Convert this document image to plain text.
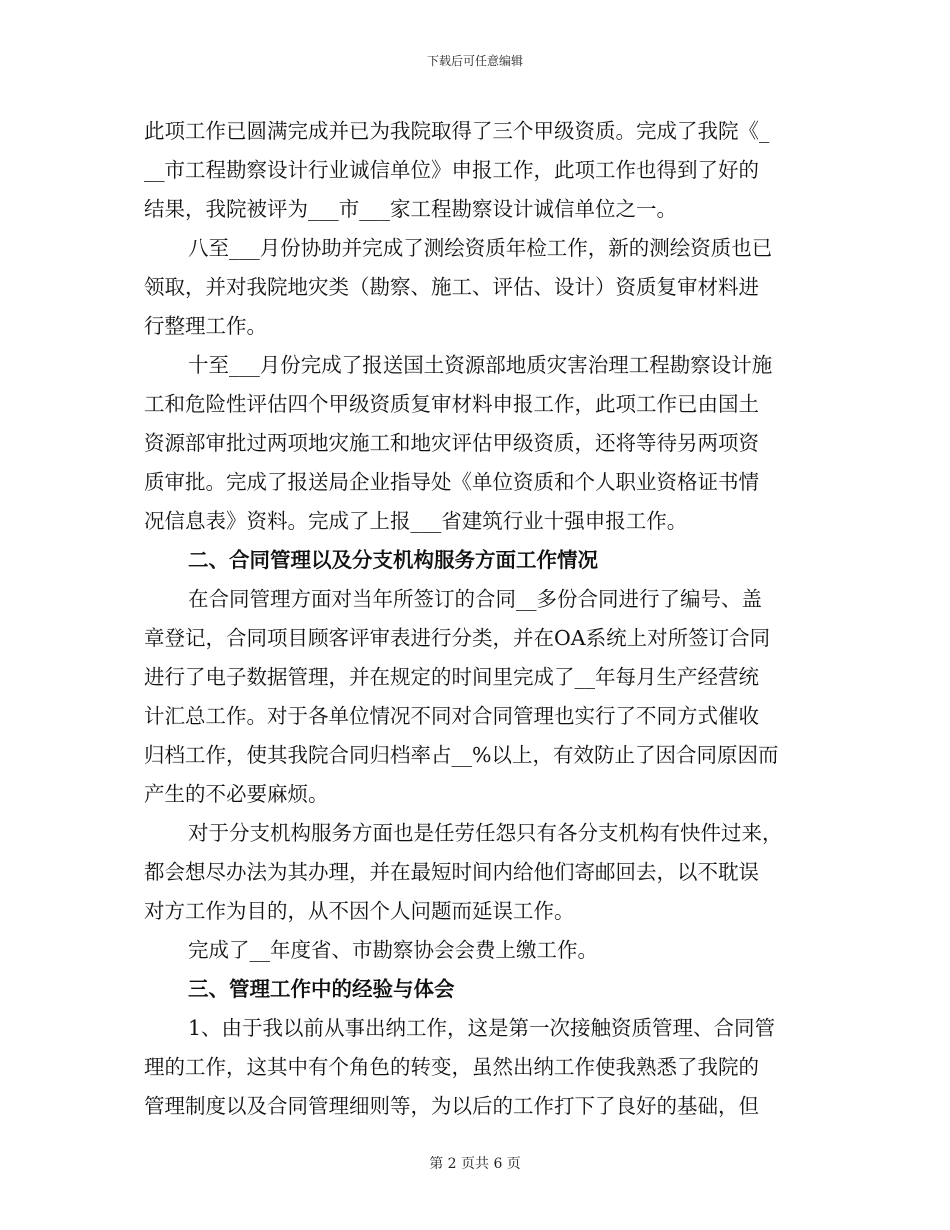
下载后可任意编辑
此项工作已圆满完成并已为我院取得了三个甲级资质。完成了我院《_
__市工程勘察设计行业诚信单位》申报工作，此项工作也得到了好的
结果，我院被评为___市___家工程勘察设计诚信单位之一。
八至___月份协助并完成了测绘资质年检工作，新的测绘资质也已
领取，并对我院地灾类（勘察、施工、评估、设计）资质复审材料进
行整理工作。
十至___月份完成了报送国土资源部地质灾害治理工程勘察设计施
工和危险性评估四个甲级资质复审材料申报工作，此项工作已由国土
资源部审批过两项地灾施工和地灾评估甲级资质，还将等待另两项资
质审批。完成了报送局企业指导处《单位资质和个人职业资格证书情
况信息表》资料。完成了上报___省建筑行业十强申报工作。
二、合同管理以及分支机构服务方面工作情况
在合同管理方面对当年所签订的合同__多份合同进行了编号、盖
章登记，合同项目顾客评审表进行分类，并在OA系统上对所签订合同
进行了电子数据管理，并在规定的时间里完成了__年每月生产经营统
计汇总工作。对于各单位情况不同对合同管理也实行了不同方式催收
归档工作，使其我院合同归档率占__%以上，有效防止了因合同原因而
产生的不必要麻烦。
对于分支机构服务方面也是任劳任怨只有各分支机构有快件过来，
都会想尽办法为其办理，并在最短时间内给他们寄邮回去，以不耽误
对方工作为目的，从不因个人问题而延误工作。
完成了__年度省、市勘察协会会费上缴工作。
三、管理工作中的经验与体会
1、由于我以前从事出纳工作，这是第一次接触资质管理、合同管
理的工作，这其中有个角色的转变，虽然出纳工作使我熟悉了我院的
管理制度以及合同管理细则等，为以后的工作打下了良好的基础，但
第 2 页共 6 页
